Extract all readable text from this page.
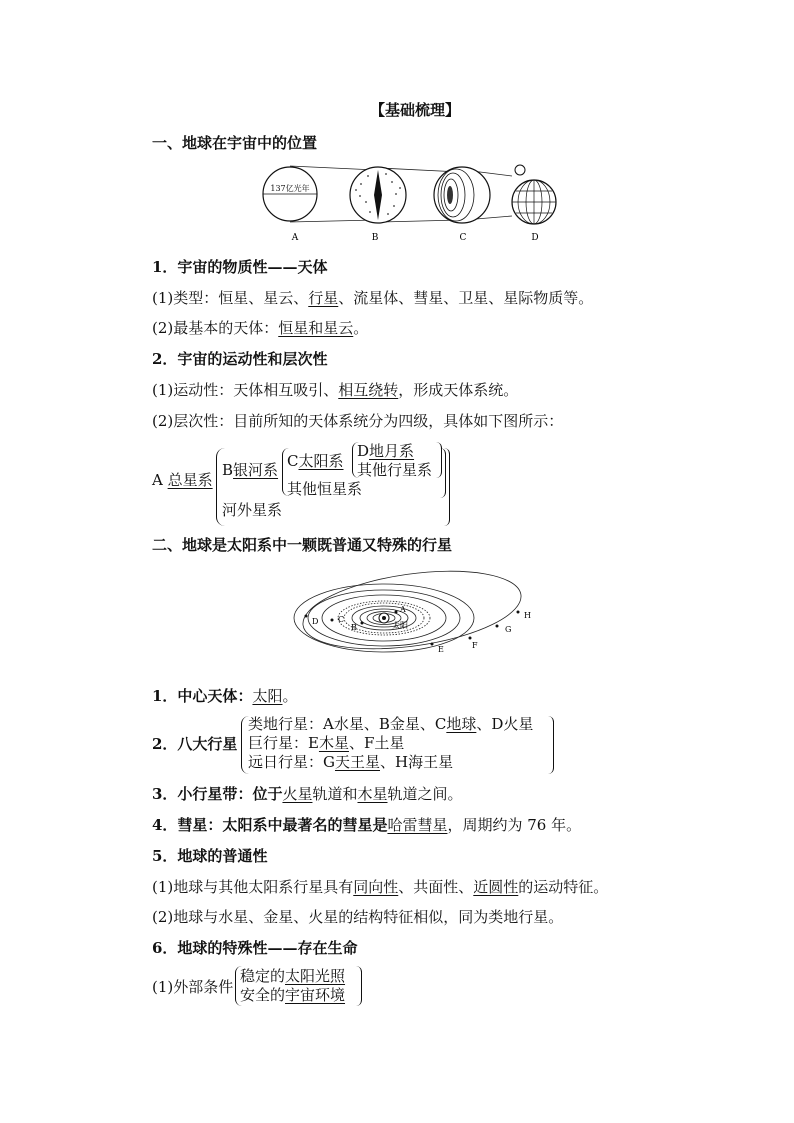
【基础梳理】
一、地球在宇宙中的位置
137亿光年
A	B	C	D
1．宇宙的物质性——天体
(1)类型：恒星、星云、行星、流星体、彗星、卫星、星际物质等。
(2)最基本的天体：恒星和星云。
2．宇宙的运动性和层次性
(1)运动性：天体相互吸引、相互绕转，形成天体系统。
(2)层次性：目前所知的天体系统分为四级，具体如下图所示：
A 总星系
B银河系 C太阳系
D地月系
其他行星系
其他恒星系
河外星系
二、地球是太阳系中一颗既普通又特殊的行星
A
B
C
D
E	F
G
H
太阳
1．中心天体：太阳。
2．八大行星
类地行星：A水星、B金星、C地球、D火星
巨行星：E木星、F土星
远日行星：G天王星、H海王星
3．小行星带：位于火星轨道和木星轨道之间。
4．彗星：太阳系中最著名的彗星是哈雷彗星，周期约为 76 年。
5．地球的普通性
(1)地球与其他太阳系行星具有同向性、共面性、近圆性的运动特征。
(2)地球与水星、金星、火星的结构特征相似，同为类地行星。
6．地球的特殊性——存在生命
(1)外部条件
稳定的太阳光照
安全的宇宙环境
